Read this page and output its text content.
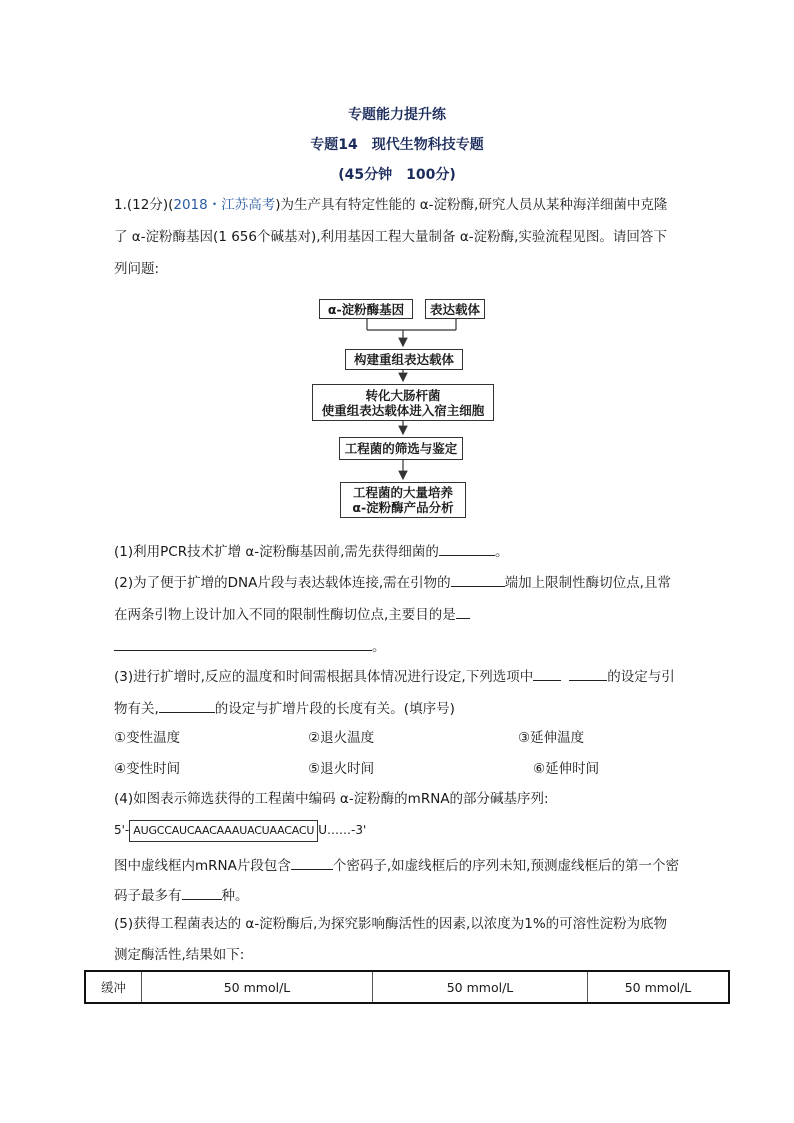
专题能力提升练
专题14　现代生物科技专题
(45分钟　100分)
1.(12分)(2018・江苏高考)为生产具有特定性能的 α-淀粉酶,研究人员从某种海洋细菌中克隆
了 α-淀粉酶基因(1 656个碱基对),利用基因工程大量制备 α-淀粉酶,实验流程见图。请回答下
列问题:
α-淀粉酶基因 表达载体
构建重组表达载体
转化大肠杆菌
使重组表达载体进入宿主细胞
工程菌的筛选与鉴定
工程菌的大量培养
α-淀粉酶产品分析
(1)利用PCR技术扩增 α-淀粉酶基因前,需先获得细菌的	。
(2)为了便于扩增的DNA片段与表达载体连接,需在引物的	端加上限制性酶切位点,且常
在两条引物上设计加入不同的限制性酶切位点,主要目的是
。
(3)进行扩增时,反应的温度和时间需根据具体情况进行设定,下列选项中	的设定与引
物有关,	的设定与扩增片段的长度有关。(填序号)
①变性温度	②退火温度	③延伸温度
④变性时间	⑤退火时间	⑥延伸时间
(4)如图表示筛选获得的工程菌中编码 α-淀粉酶的mRNA的部分碱基序列:
5'- AUGCCAUCAACAAAUACUAACACU U……-3'
图中虚线框内mRNA片段包含	个密码子,如虚线框后的序列未知,预测虚线框后的第一个密
码子最多有	种。
(5)获得工程菌表达的 α-淀粉酶后,为探究影响酶活性的因素,以浓度为1%的可溶性淀粉为底物
测定酶活性,结果如下:
缓冲	50 mmol/L	50 mmol/L	50 mmol/L
